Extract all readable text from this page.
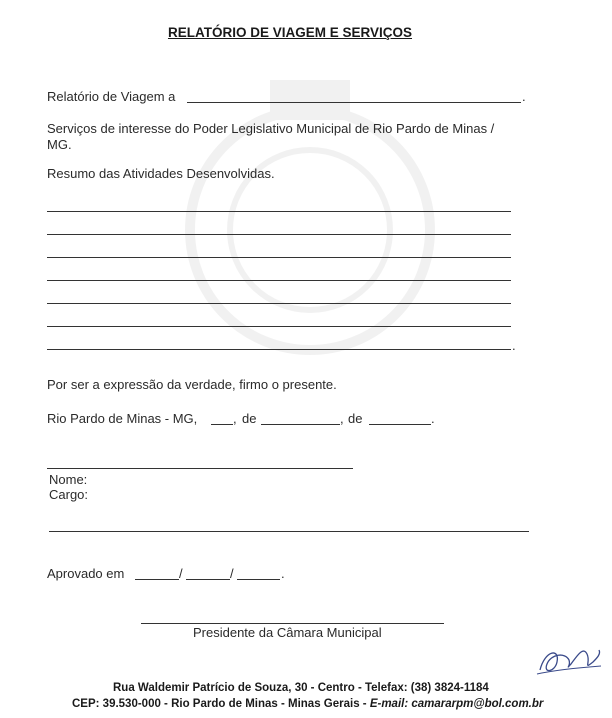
RELATÓRIO DE VIAGEM E SERVIÇOS
Relatório de Viagem a	.
Serviços de interesse do Poder Legislativo Municipal de Rio Pardo de Minas /
MG.
Resumo das Atividades Desenvolvidas.
.
Por ser a expressão da verdade, firmo o presente.
Rio Pardo de Minas - MG,	, de	, de	.
Nome:
Cargo:
Aprovado em	/	/	.
Presidente da Câmara Municipal
Rua Waldemir Patrício de Souza, 30 - Centro - Telefax: (38) 3824-1184
CEP: 39.530-000 - Rio Pardo de Minas - Minas Gerais - E-mail: camararpm@bol.com.br
